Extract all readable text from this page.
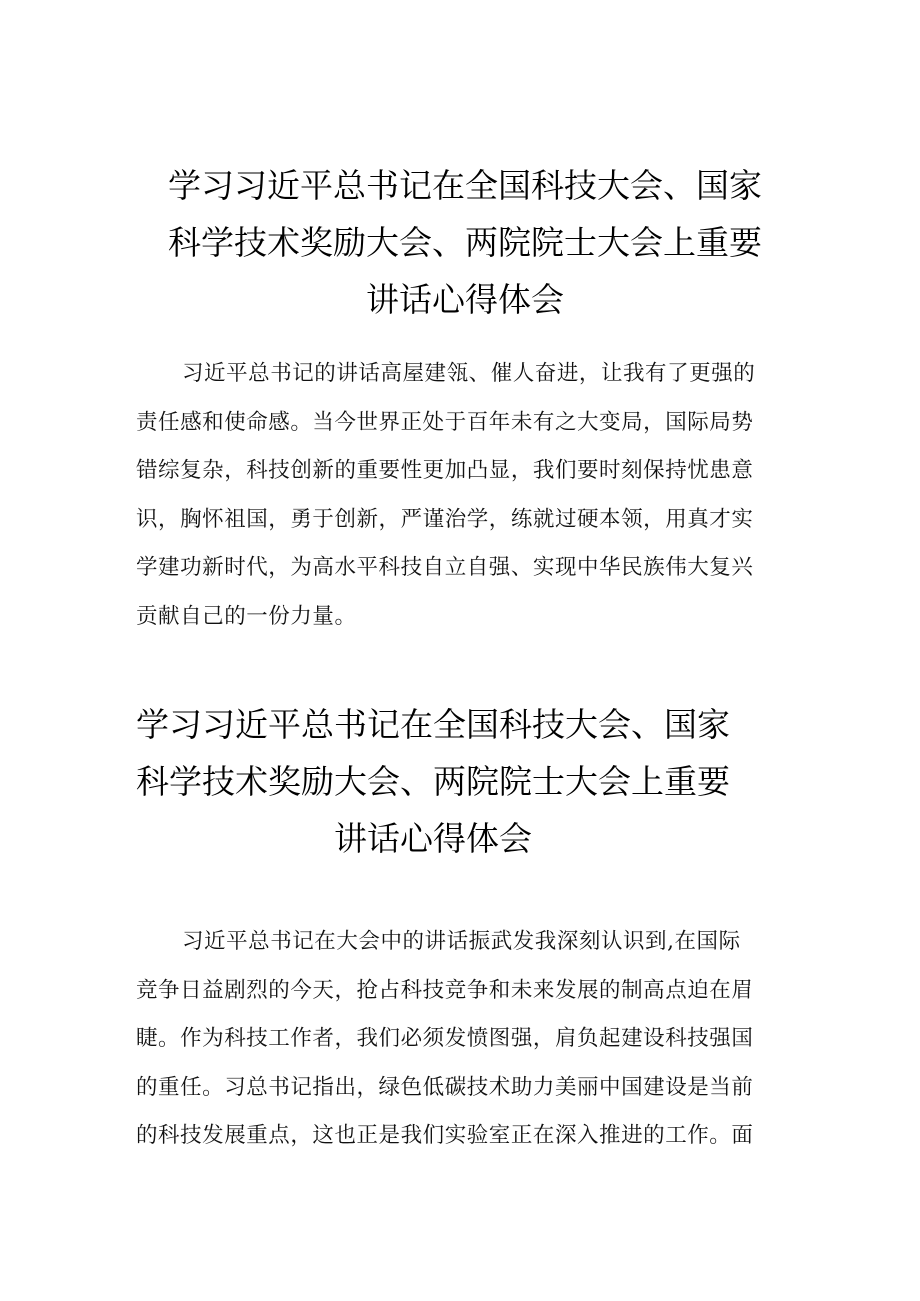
学习习近平总书记在全国科技大会、国家
科学技术奖励大会、两院院士大会上重要
讲话心得体会
习近平总书记的讲话高屋建瓴、催人奋进，让我有了更强的
责任感和使命感。当今世界正处于百年未有之大变局，国际局势
错综复杂，科技创新的重要性更加凸显，我们要时刻保持忧患意
识，胸怀祖国，勇于创新，严谨治学，练就过硬本领，用真才实
学建功新时代，为高水平科技自立自强、实现中华民族伟大复兴
贡献自己的一份力量。
学习习近平总书记在全国科技大会、国家
科学技术奖励大会、两院院士大会上重要
讲话心得体会
习近平总书记在大会中的讲话振武发我深刻认识到,在国际
竞争日益剧烈的今天，抢占科技竞争和未来发展的制高点迫在眉
睫。作为科技工作者，我们必须发愤图强，肩负起建设科技强国
的重任。习总书记指出，绿色低碳技术助力美丽中国建设是当前
的科技发展重点，这也正是我们实验室正在深入推进的工作。面
